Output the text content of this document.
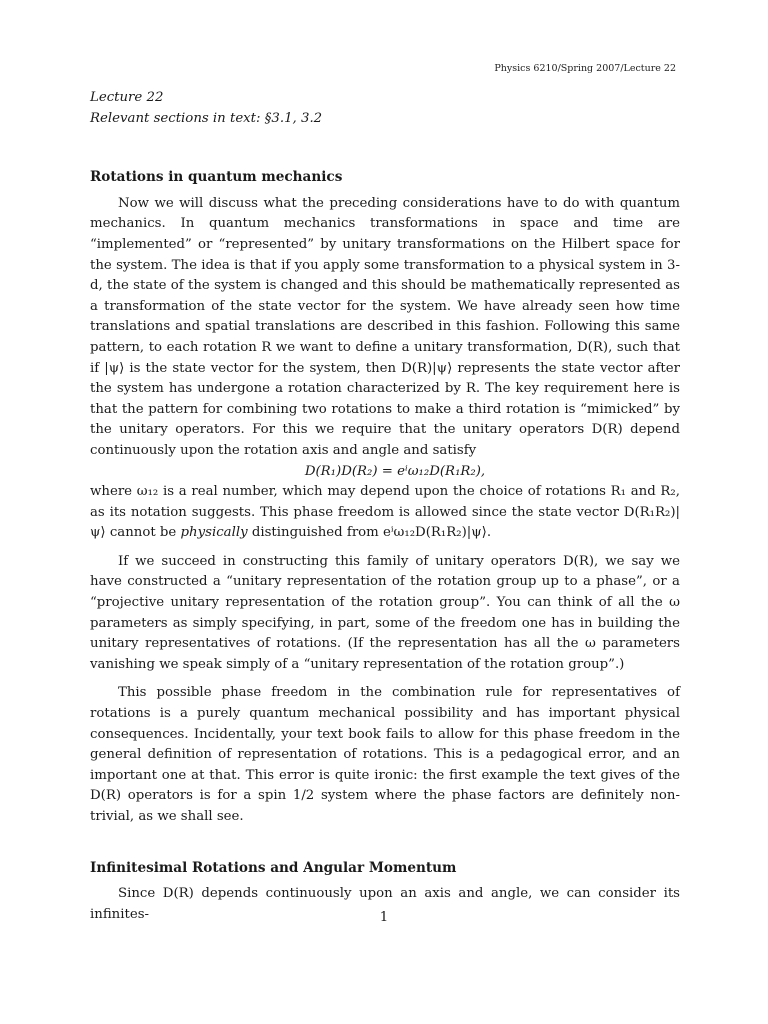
Physics 6210/Spring 2007/Lecture 22

Lecture 22

Relevant sections in text: §3.1, 3.2

Rotations in quantum mechanics

Now we will discuss what the preceding considerations have to do with quantum mechanics. In quantum mechanics transformations in space and time are “implemented” or “represented” by unitary transformations on the Hilbert space for the system. The idea is that if you apply some transformation to a physical system in 3-d, the state of the system is changed and this should be mathematically represented as a transformation of the state vector for the system. We have already seen how time translations and spatial translations are described in this fashion. Following this same pattern, to each rotation R we want to define a unitary transformation, D(R), such that if |ψ⟩ is the state vector for the system, then D(R)|ψ⟩ represents the state vector after the system has undergone a rotation characterized by R. The key requirement here is that the pattern for combining two rotations to make a third rotation is “mimicked” by the unitary operators. For this we require that the unitary operators D(R) depend continuously upon the rotation axis and angle and satisfy

D(R₁)D(R₂) = eⁱω₁₂D(R₁R₂),

where ω₁₂ is a real number, which may depend upon the choice of rotations R₁ and R₂, as its notation suggests. This phase freedom is allowed since the state vector D(R₁R₂)|ψ⟩ cannot be physically distinguished from eⁱω₁₂D(R₁R₂)|ψ⟩.

If we succeed in constructing this family of unitary operators D(R), we say we have constructed a “unitary representation of the rotation group up to a phase”, or a “projective unitary representation of the rotation group”. You can think of all the ω parameters as simply specifying, in part, some of the freedom one has in building the unitary representatives of rotations. (If the representation has all the ω parameters vanishing we speak simply of a “unitary representation of the rotation group”.)

This possible phase freedom in the combination rule for representatives of rotations is a purely quantum mechanical possibility and has important physical consequences. Incidentally, your text book fails to allow for this phase freedom in the general definition of representation of rotations. This is a pedagogical error, and an important one at that. This error is quite ironic: the first example the text gives of the D(R) operators is for a spin 1/2 system where the phase factors are definitely non-trivial, as we shall see.

Infinitesimal Rotations and Angular Momentum

Since D(R) depends continuously upon an axis and angle, we can consider its infinites-	1
